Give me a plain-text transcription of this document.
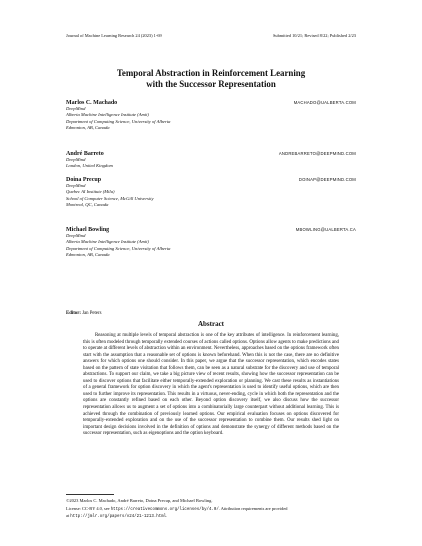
Journal of Machine Learning Research 24 (2023) 1-69	Submitted 10/21; Revised 8/22; Published 2/23
Temporal Abstraction in Reinforcement Learning
with the Successor Representation
Marlos C. Machado	MACHADO@UALBERTA.COM
DeepMind
Alberta Machine Intelligence Institute (Amii)
Department of Computing Science, University of Alberta
Edmonton, AB, Canada
André Barreto	ANDREBARRETO@DEEPMIND.COM
DeepMind
London, United Kingdom
Doina Precup	DOINAP@DEEPMIND.COM
DeepMind
Quebec AI Institute (Mila)
School of Computer Science, McGill University
Montreal, QC, Canada
Michael Bowling	MBOWLING@UALBERTA.CA
DeepMind
Alberta Machine Intelligence Institute (Amii)
Department of Computing Science, University of Alberta
Edmonton, AB, Canada
Editor: Jan Peters
Abstract

Reasoning at multiple levels of temporal abstraction is one of the key attributes of intelligence. In reinforcement learning, this is often modeled through temporally extended courses of actions called options. Options allow agents to make predictions and to operate at different levels of abstraction within an environment. Nevertheless, approaches based on the options framework often start with the assumption that a reasonable set of options is known beforehand. When this is not the case, there are no definitive answers for which options one should consider. In this paper, we argue that the successor representation, which encodes states based on the pattern of state visitation that follows them, can be seen as a natural substrate for the discovery and use of temporal abstractions. To support our claim, we take a big picture view of recent results, showing how the successor representation can be used to discover options that facilitate either temporally-extended exploration or planning. We cast these results as instantiations of a general framework for option discovery in which the agent's representation is used to identify useful options, which are then used to further improve its representation. This results in a virtuous, never-ending, cycle in which both the representation and the options are constantly refined based on each other. Beyond option discovery itself, we also discuss how the successor representation allows us to augment a set of options into a combinatorially large counterpart without additional learning. This is achieved through the combination of previously learned options. Our empirical evaluation focuses on options discovered for temporally-extended exploration and on the use of the successor representation to combine them. Our results shed light on important design decisions involved in the definition of options and demonstrate the synergy of different methods based on the successor representation, such as eigenoptions and the option keyboard.

©2023 Marlos C. Machado, André Barreto, Doina Precup, and Michael Bowling.
License: CC-BY 4.0, see https://creativecommons.org/licenses/by/4.0/. Attribution requirements are provided
at http://jmlr.org/papers/v24/21-1213.html.
